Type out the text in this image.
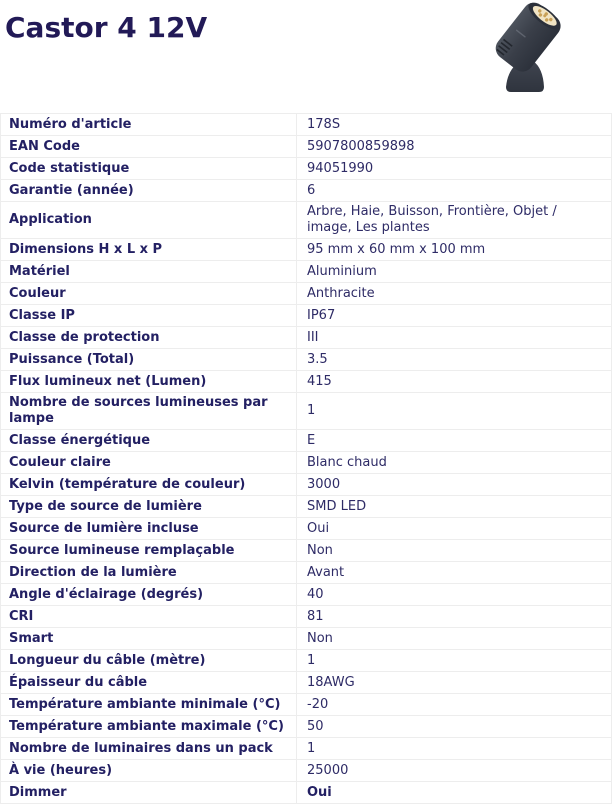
Castor 4 12V
Numéro d'article	178S
EAN Code	5907800859898
Code statistique	94051990
Garantie (année)	6
Application	Arbre, Haie, Buisson, Frontière, Objet / image, Les plantes
Dimensions H x L x P	95 mm x 60 mm x 100 mm
Matériel	Aluminium
Couleur	Anthracite
Classe IP	IP67
Classe de protection	III
Puissance (Total)	3.5
Flux lumineux net (Lumen)	415
Nombre de sources lumineuses par lampe	1
Classe énergétique	E
Couleur claire	Blanc chaud
Kelvin (température de couleur)	3000
Type de source de lumière	SMD LED
Source de lumière incluse	Oui
Source lumineuse remplaçable	Non
Direction de la lumière	Avant
Angle d'éclairage (degrés)	40
CRI	81
Smart	Non
Longueur du câble (mètre)	1
Épaisseur du câble	18AWG
Température ambiante minimale (°C)	-20
Température ambiante maximale (°C)	50
Nombre de luminaires dans un pack	1
À vie (heures)	25000
Dimmer	Oui
